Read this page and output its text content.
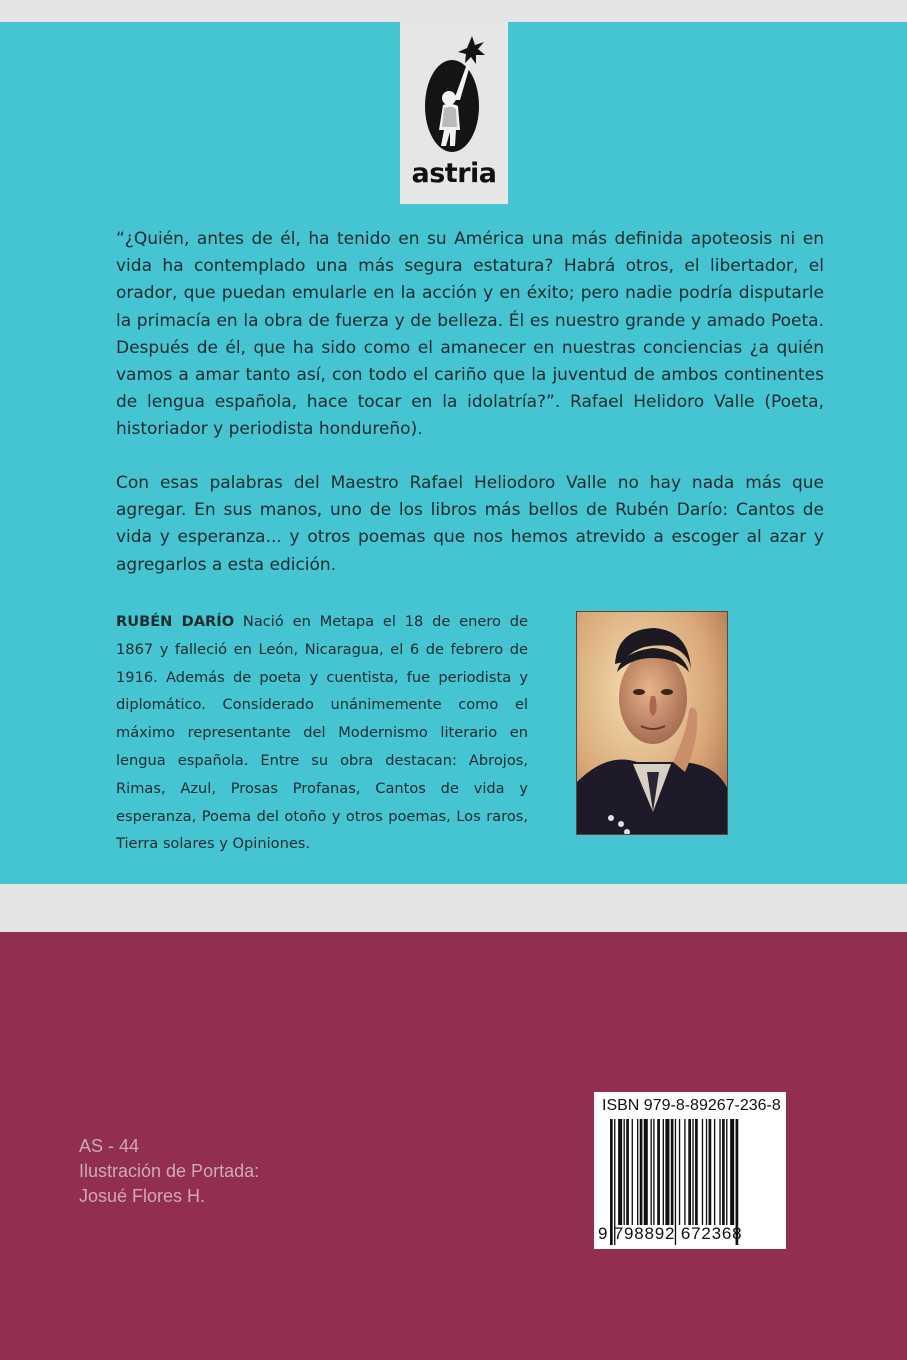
astria

“¿Quién, antes de él, ha tenido en su América una más definida apoteosis ni en vida ha contemplado una más segura estatura? Habrá otros, el libertador, el orador, que puedan emularle en la acción y en éxito; pero nadie podría disputarle la primacía en la obra de fuerza y de belleza. Él es nuestro grande y amado Poeta. Después de él, que ha sido como el amanecer en nuestras conciencias ¿a quién vamos a amar tanto así, con todo el cariño que la juventud de ambos continentes de lengua española, hace tocar en la idolatría?”. Rafael Helidoro Valle (Poeta, historiador y periodista hondureño).

Con esas palabras del Maestro Rafael Heliodoro Valle no hay nada más que agregar. En sus manos, uno de los libros más bellos de Rubén Darío: Cantos de vida y esperanza... y otros poemas que nos hemos atrevido a escoger al azar y agregarlos a esta edición.

RUBÉN DARÍO Nació en Metapa el 18 de enero de 1867 y falleció en León, Nicaragua, el 6 de febrero de 1916. Además de poeta y cuentista, fue periodista y diplomático. Considerado unánimemente como el máximo representante del Modernismo literario en lengua española. Entre su obra destacan: Abrojos, Rimas, Azul, Prosas Profanas, Cantos de vida y esperanza, Poema del otoño y otros poemas, Los raros, Tierra solares y Opiniones.

AS - 44
Ilustración de Portada:
Josué Flores H.
ISBN 979-8-89267-236-8
9 798892 672368
